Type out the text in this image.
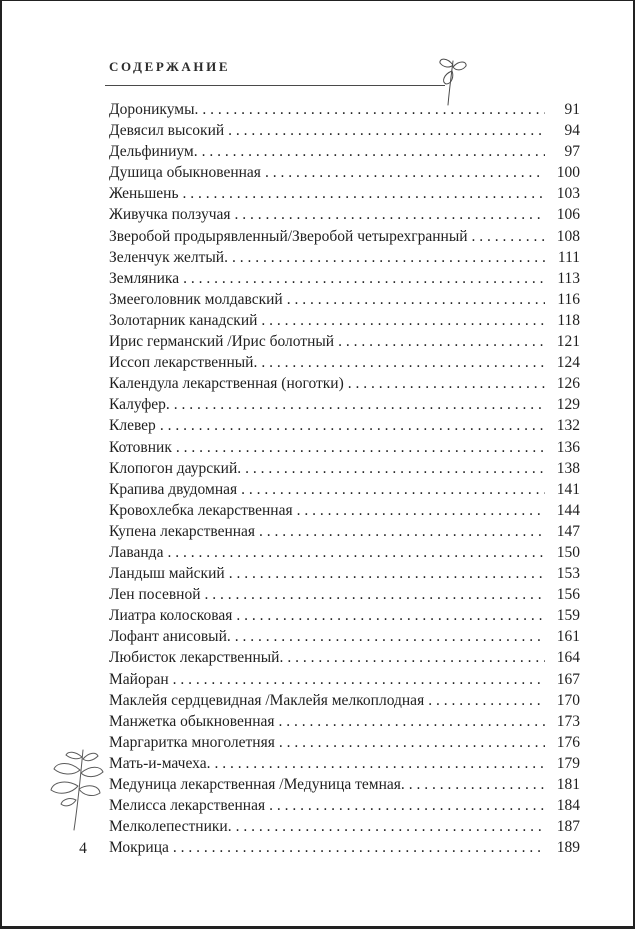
СОДЕРЖАНИЕ
Дороникумы. . . .	91
Девясил высокий . . .	94
Дельфиниум. . . .	97
Душица обыкновенная . . .	100
Женьшень . . .	103
Живучка ползучая . . .	106
Зверобой продырявленный/Зверобой четырехгранный . . .	108
Зеленчук желтый. . . .	111
Земляника . . .	113
Змееголовник молдавский . . .	116
Золотарник канадский . . .	118
Ирис германский /Ирис болотный . . .	121
Иссоп лекарственный. . . .	124
Календула лекарственная (ноготки) . . .	126
Калуфер. . . .	129
Клевер . . .	132
Котовник . . .	136
Клопогон даурский. . . .	138
Крапива двудомная . . .	141
Кровохлебка лекарственная . . .	144
Купена лекарственная . . .	147
Лаванда . . .	150
Ландыш майский . . .	153
Лен посевной . . .	156
Лиатра колосковая . . .	159
Лофант анисовый. . . .	161
Любисток лекарственный. . . .	164
Майоран . . .	167
Маклейя сердцевидная /Маклейя мелкоплодная . . .	170
Манжетка обыкновенная . . .	173
Маргаритка многолетняя . . .	176
Мать-и-мачеха. . . .	179
Медуница лекарственная /Медуница темная. . . .	181
Мелисса лекарственная . . .	184
Мелколепестники. . . .	187
Мокрица . . .	189
4
